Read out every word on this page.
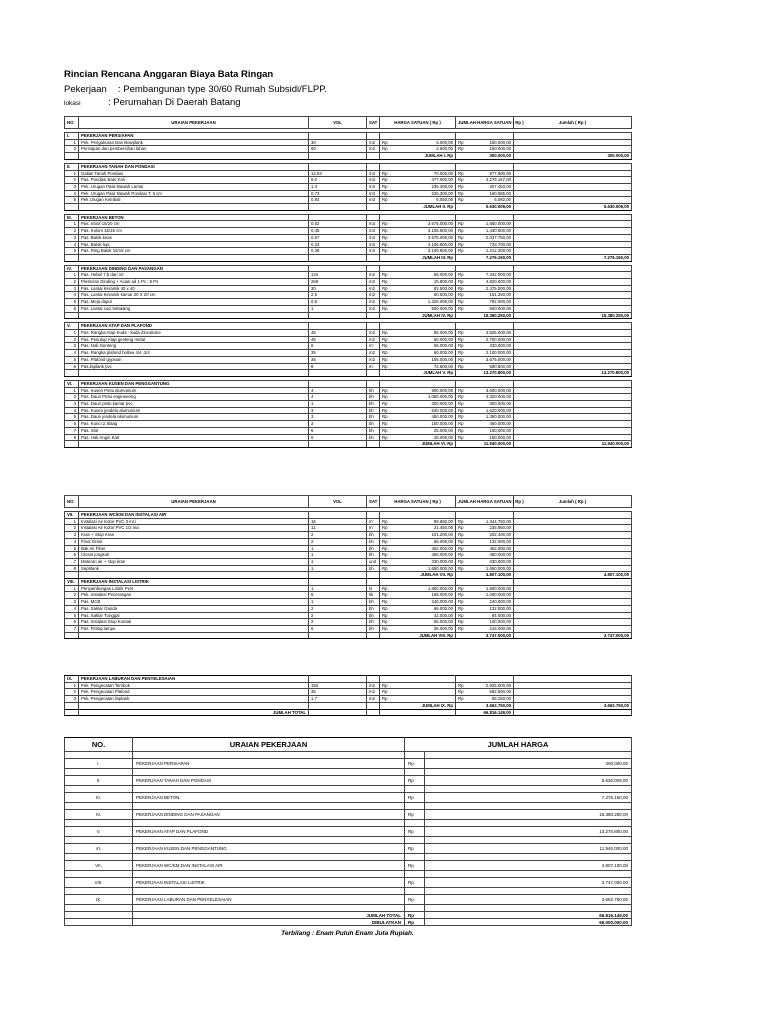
Rincian Rencana Anggaran Biaya Bata Ringan
Pekerjaan : Pembangunan type 30/60 Rumah Subsidi/FLPP.
lokasi	: Perumahan Di Daerah Batang
NO	URAIAN PEKERJAAN	VOL	SAT	HARGA SATUAN ( Rp )	JUMLAH HARGA SATUAN ( Rp )	Jumlah ( Rp )

I.	PEKERJAAN PERSIAPAN					
1	Pek. Pengukuran Dan Bowplank	30	m2	Rp 5.000,00	Rp 150.000,00	

2	Persiapan dan pembersihan lahan	60	m2	Rp 2.500,00	Rp 150.000,00	

				JUMLAH I. Rp	300.000,00	300.000,00

II.	PEKERJAAN TANAH DAN PONDASI					
1	Galian Tanah Pondasi	12,54	m3	Rp 70.000,00	Rp 877.800,00	

2	Pas. Pondasi Batu Kali	9,0	m3	Rp 477.000,00	Rp 4.279.167,00	

3	Pek. Urugan Pasir Bawah Lantai	1,3	m3	Rp 236.300,00	Rp 307.453,00	

4	Pek. Urugan Pasir Bawah Pondasi T. 5 cm	0,73	m3	Rp 226.300,00	Rp 160.685,00	

5	Pek Urugan Kembali	0,84	m3	Rp 6.050,00	Rp 5.082,00	

				JUMLAH II. Rp	5.630.009,00	5.630.009,00

III.	PEKERJAAN BETON					
1	Pas. Sloof 15/20 cm	0,52	m3	Rp 3.575.000,00	Rp 1.850.000,00	

2	Pas. Kolom 15/15 cm	0,45	m3	Rp 3.106.800,00	Rp 1.430.500,00	

3	Pas. Balok keas	0,57	m3	Rp 3.575.000,00	Rp 2.037.750,00	

4	Pas. Balok lopi	0,23	m3	Rp 3.106.800,00	Rp 733.700,00	

5	Pas. Ring Balok 15/15 cm	0,39	m3	Rp 3.106.800,00	Rp 1.212.200,00	

				JUMLAH III. Rp	7.276.150,00	7.276.150,00

IV.	PEKERJAAN DINDING DAN PASANGAN					
1	Pas. Hebel 7,5 dan 10	134	m2	Rp 55.000,00	Rp 7.332.000,00	

2	Plesteran Dinding + Acian ad 1 Pc : 5 Ps	268	m2	Rp 15.900,00	Rp 4.820.000,00	

3	Pas. Lantai Keramik 40 x 40	30	m2	Rp 82.500,00	Rp 2.475.000,00	

4	Pas. Lantai Keramik kamar 20 X 20 cm	2,5	m2	Rp 60.500,00	Rp 151.250,00	

5	Pas. Meja dapur	0,6	m2	Rp 1.320.000,00	Rp 792.000,00	

6	Pas. Lantai cuci belakang	1	m2	Rp 500.000,00	Rp 500.000,00	

				JUMLAH IV. Rp	15.380.250,00	15.380.250,00

V.	PEKERJAAN ATAP DAN PLAFOND					
1	Pas. Rangka Atap Kuda - kuda Zincalume	45	m2	Rp 85.000,00	Rp 3.825.000,00	

2	Pas. Penutup Atap genteng metal	45	m2	Rp 60.000,00	Rp 2.700.000,00	

3	Pas. Nok Genteng	6	m'	Rp 55.000,00	Rp 330.000,00	

4	Pas. Rangka plafond hollow 4/4 ,2/4	35	m2	Rp 60.000,00	Rp 2.100.000,00	

5	Pas. Plafond gypsum	35	m2	Rp 105.000,00	Rp 3.675.000,00	

6	Pas.lisplank pvc	8	m'	Rp 72.600,00	Rp 580.800,00	

				JUMLAH V. Rp	13.270.800,00	13.270.800,00

VI.	PEKERJAAN KUSEN DAN PENGGANTUNG					
1	Pas. Kusen Pintu alumunium	4	bh	Rp 900.000,00	Rp 3.600.000,00	

2	Pas. Daun Pintu engineering	4	bh	Rp 1.080.000,00	Rp 4.320.000,00	

3	Pas. Daun pintu kamar pvc	1	bh	Rp 300.000,00	Rp 300.000,00	

4	Pas. Kusen jendela alumunium	3	bh	Rp 540.000,00	Rp 1.620.000,00	

5	Pas. Daun jendela alumunium	3	bh	Rp 450.000,00	Rp 1.350.000,00	

6	Pas. Kunci 2 Slaag	3	bh	Rp 150.000,00	Rp 450.000,00	

7	Pas. Slot	6	bh	Rp 25.000,00	Rp 150.000,00	

8	Pas. Hak Angin Kait	6	bh	Rp 25.000,00	Rp 150.000,00	

				JUMLAH VI. Rp	11.940.000,00	11.940.000,00
NO	URAIAN PEKERJAAN	VOL	SAT	HARGA SATUAN ( Rp )	JUMLAH HARGA SATUAN ( Rp )	Jumlah ( Rp )

VII.	PEKERJAAN WC/KM DAN INSTALASI AIR					
1	Instalasi Air Kotor PVC 3 inci	15	m'	Rp 89.650,00	Rp 1.344.750,00	

2	Instalasi Air Kotor PVC 1/2 inci	11	m'	Rp 21.450,00	Rp 235.950,00	

3	Kran + Stop Kran	2	bh	Rp 101.200,00	Rp 202.400,00	

4	Floor Drain	2	bh	Rp 66.000,00	Rp 132.000,00	

5	Bak Air Fiber	1	bh	Rp 462.000,00	Rp 462.000,00	

6	Closet jongkok	1	bh	Rp 450.000,00	Rp 450.000,00	

7	Meteran air + stop kran	1	unit	Rp 330.000,00	Rp 330.000,00	

8	Septitank	1	bh	Rp 1.650.000,00	Rp 1.650.000,00	

				JUMLAH VII. Rp	4.807.100,00	4.807.100,00
VIII.	PEKERJAAN INSTALASI LISTRIK					
1	Penyambungan Listrik PLN	1	ls	Rp 1.800.000,00	Rp 1.800.000,00	

2	Pek. Instalasi Penerangan	6	tik	Rp 165.000,00	Rp 1.000.000,00	

3	Pas. MCB	1	bh	Rp 240.000,00	Rp 240.000,00	

4	Pas. Saklar Ganda	2	bh	Rp 66.000,00	Rp 132.000,00	

5	Pas. Saklar Tunggal	2	bh	Rp 42.000,00	Rp 84.000,00	

6	Pas. Instalasi Stop Kontak	2	bh	Rp 55.000,00	Rp 100.000,00	

7	Pas. Fitting lampu	6	bh	Rp 36.000,00	Rp 216.000,00	

				JUMLAH VIII. Rp	3.747.000,00	3.747.000,00
IX.	PEKERJAAN LABURAN DAN PENYELESAIAN					
1	Pek. Pengecatan Tembok	150	m2	Rp	Rp 2.925.000,00	

2	Pek. Pengecatan Plafond	35	m2	Rp	Rp 682.500,00	

3	Pek. Pengecatan lisplank	1,7	m2	Rp	Rp 55.250,00	

				JUMLAH IX. Rp	3.662.750,00	3.662.750,00
	JUMLAH TOTAL				66.816.149,00	
NO.	URAIAN PEKERJAAN	JUMLAH HARGA	

I.	PEKERJAAN PERSIAPAN	Rp	300.000,00

II.	PEKERJAAN TANAH DAN PONDASI	Rp	5.630.009,00

III.	PEKERJAAN BETON	Rp	7.276.150,00

IV.	PEKERJAAN DINDING DAN PASANGAN	Rp	15.380.250,00

V.	PEKERJAAN ATAP DAN PLAFOND	Rp	13.270.800,00

VI.	PEKERJAAN KUSEN DAN PENGGANTUNG	Rp	11.940.000,00

VII.	PEKERJAAN WC/KM DAN INSTALASI AIR	Rp	4.807.100,00

VIII.	PEKERJAAN INSTALASI LISTRIK	Rp	3.747.000,00

IX.	PEKERJAAN LABURAN DAN PENYELESAIAN	Rp	3.662.750,00

	JUMLAH TOTAL	Rp	66.816.149,00
	DIBULATKAN	Rp	66.000.000,00
Terbilang : Enam Puluh Enam Juta Rupiah.
